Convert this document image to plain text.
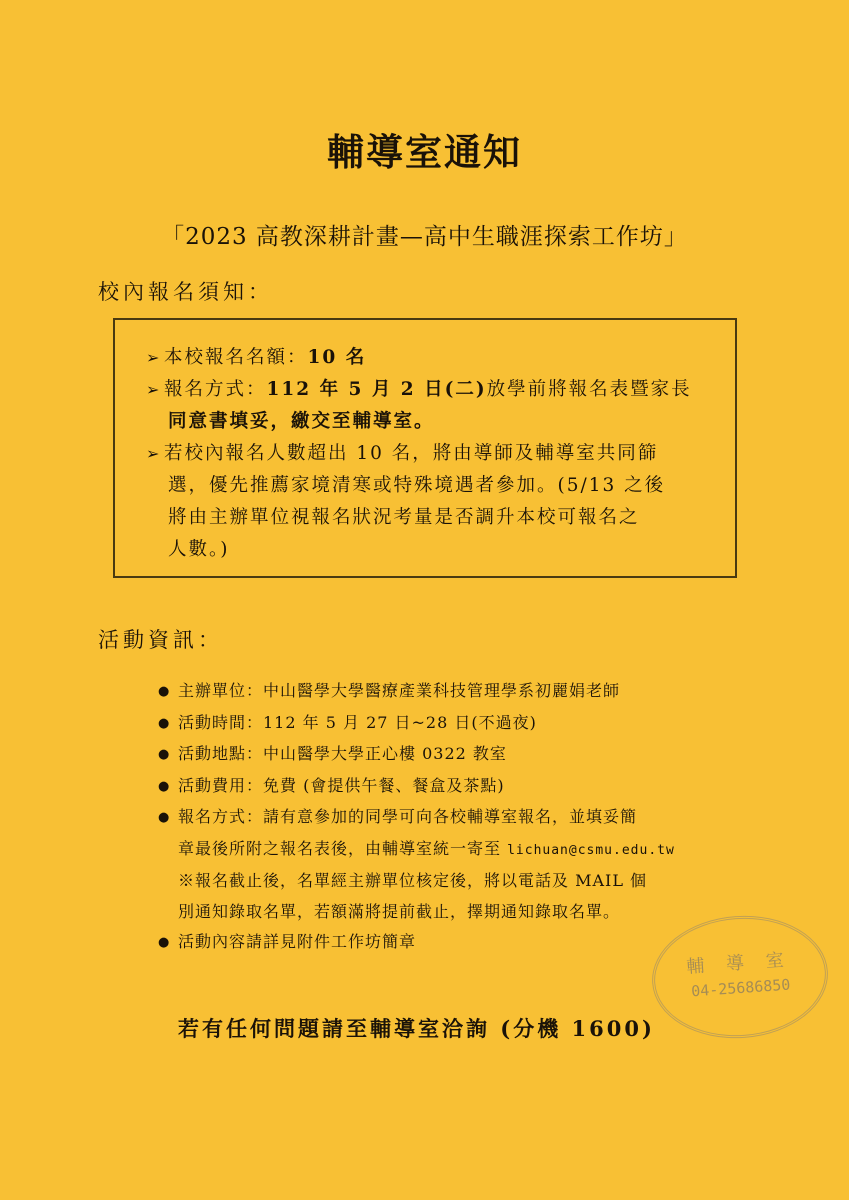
輔導室通知
「2023 高教深耕計畫—高中生職涯探索工作坊」
校內報名須知：
➢ 本校報名名額：10 名
➢ 報名方式：112 年 5 月 2 日(二)放學前將報名表暨家長
同意書填妥，繳交至輔導室。
➢ 若校內報名人數超出 10 名，將由導師及輔導室共同篩
選，優先推薦家境清寒或特殊境遇者參加。(5/13 之後
將由主辦單位視報名狀況考量是否調升本校可報名之
人數。)
活動資訊：
● 主辦單位：中山醫學大學醫療產業科技管理學系初麗娟老師
● 活動時間：112 年 5 月 27 日~28 日(不過夜)
● 活動地點：中山醫學大學正心樓 0322 教室
● 活動費用：免費 (會提供午餐、餐盒及茶點)
● 報名方式：請有意參加的同學可向各校輔導室報名，並填妥簡
章最後所附之報名表後，由輔導室統一寄至 lichuan@csmu.edu.tw
※報名截止後，名單經主辦單位核定後，將以電話及 MAIL 個
別通知錄取名單，若額滿將提前截止，擇期通知錄取名單。
● 活動內容請詳見附件工作坊簡章
輔 導 室
04-25686850
若有任何問題請至輔導室洽詢 (分機 1600)
